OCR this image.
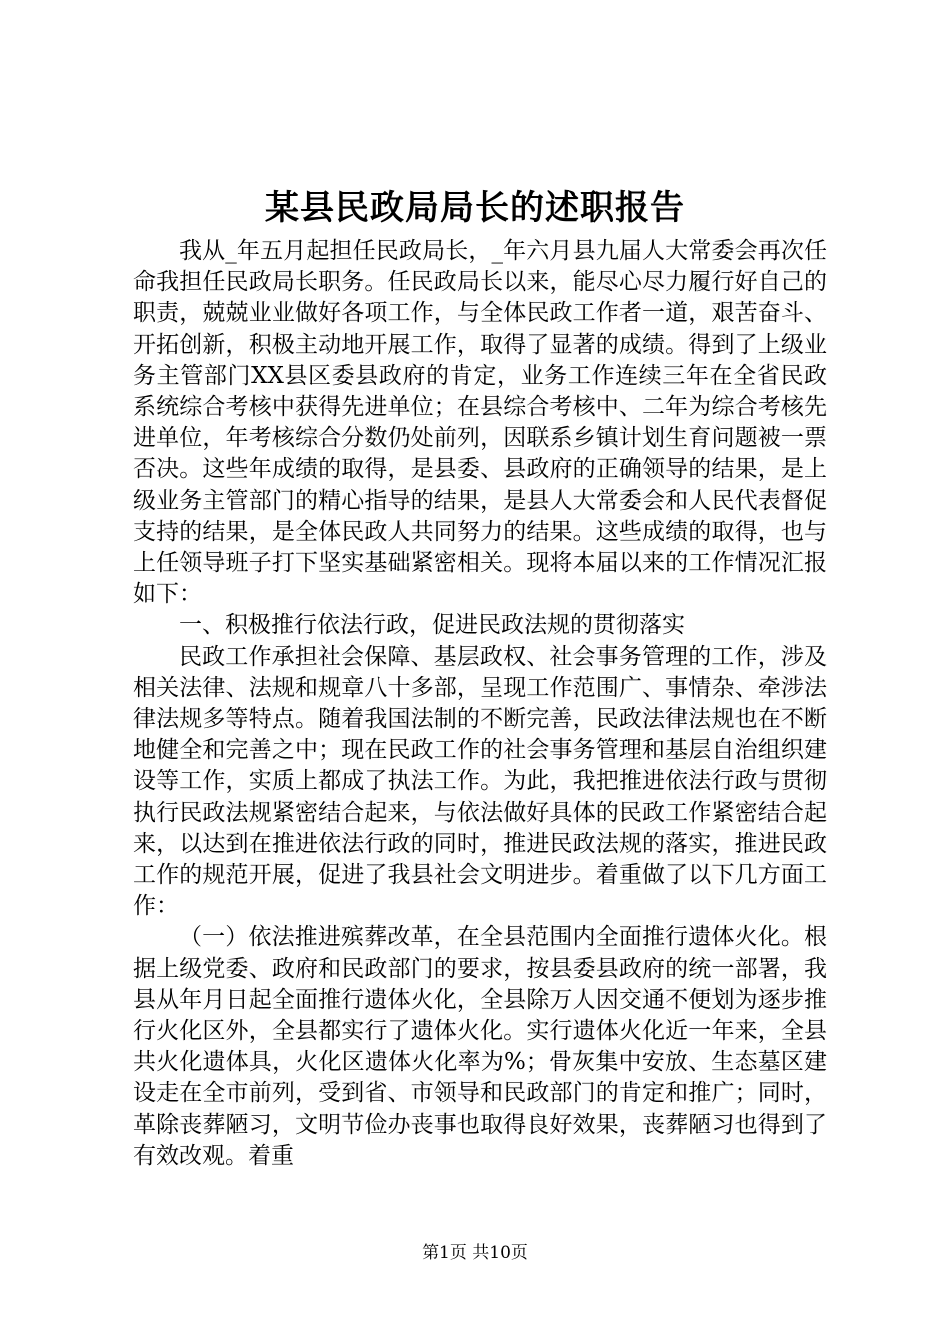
某县民政局局长的述职报告

我从_年五月起担任民政局长，_年六月县九届人大常委会再次任命我担任民政局长职务。任民政局长以来，能尽心尽力履行好自己的职责，兢兢业业做好各项工作，与全体民政工作者一道，艰苦奋斗、开拓创新，积极主动地开展工作，取得了显著的成绩。得到了上级业务主管部门XX县区委县政府的肯定，业务工作连续三年在全省民政系统综合考核中获得先进单位；在县综合考核中、二年为综合考核先进单位，年考核综合分数仍处前列，因联系乡镇计划生育问题被一票否决。这些年成绩的取得，是县委、县政府的正确领导的结果，是上级业务主管部门的精心指导的结果，是县人大常委会和人民代表督促支持的结果，是全体民政人共同努力的结果。这些成绩的取得，也与上任领导班子打下坚实基础紧密相关。现将本届以来的工作情况汇报如下：

一、积极推行依法行政，促进民政法规的贯彻落实

民政工作承担社会保障、基层政权、社会事务管理的工作，涉及相关法律、法规和规章八十多部，呈现工作范围广、事情杂、牵涉法律法规多等特点。随着我国法制的不断完善，民政法律法规也在不断地健全和完善之中；现在民政工作的社会事务管理和基层自治组织建设等工作，实质上都成了执法工作。为此，我把推进依法行政与贯彻执行民政法规紧密结合起来，与依法做好具体的民政工作紧密结合起来，以达到在推进依法行政的同时，推进民政法规的落实，推进民政工作的规范开展，促进了我县社会文明进步。着重做了以下几方面工作：

（一）依法推进殡葬改革，在全县范围内全面推行遗体火化。根据上级党委、政府和民政部门的要求，按县委县政府的统一部署，我县从年月日起全面推行遗体火化，全县除万人因交通不便划为逐步推行火化区外，全县都实行了遗体火化。实行遗体火化近一年来，全县共火化遗体具，火化区遗体火化率为%；骨灰集中安放、生态墓区建设走在全市前列，受到省、市领导和民政部门的肯定和推广；同时，革除丧葬陋习，文明节俭办丧事也取得良好效果，丧葬陋习也得到了有效改观。着重

第1页 共10页
